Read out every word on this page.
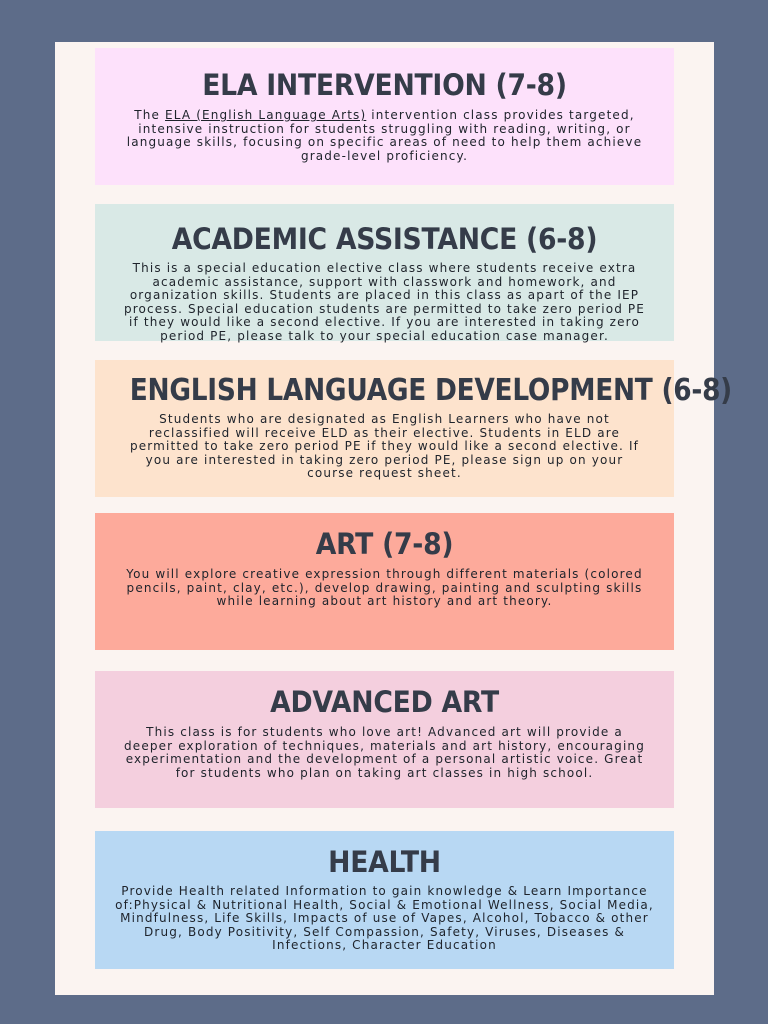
ELA INTERVENTION (7-8)

The ELA (English Language Arts) intervention class provides targeted, intensive instruction for students struggling with reading, writing, or language skills, focusing on specific areas of need to help them achieve grade-level proficiency.

ACADEMIC ASSISTANCE (6-8)

This is a special education elective class where students receive extra academic assistance, support with classwork and homework, and organization skills. Students are placed in this class as apart of the IEP process. Special education students are permitted to take zero period PE if they would like a second elective. If you are interested in taking zero period PE, please talk to your special education case manager.

ENGLISH LANGUAGE DEVELOPMENT (6-8)

Students who are designated as English Learners who have not reclassified will receive ELD as their elective. Students in ELD are permitted to take zero period PE if they would like a second elective. If you are interested in taking zero period PE, please sign up on your course request sheet.

ART (7-8)

You will explore creative expression through different materials (colored pencils, paint, clay, etc.), develop drawing, painting and sculpting skills while learning about art history and art theory.

ADVANCED ART

This class is for students who love art! Advanced art will provide a deeper exploration of techniques, materials and art history, encouraging experimentation and the development of a personal artistic voice. Great for students who plan on taking art classes in high school.

HEALTH

Provide Health related Information to gain knowledge & Learn Importance of:Physical & Nutritional Health, Social & Emotional Wellness, Social Media, Mindfulness, Life Skills, Impacts of use of Vapes, Alcohol, Tobacco & other Drug, Body Positivity, Self Compassion, Safety, Viruses, Diseases & Infections, Character Education
